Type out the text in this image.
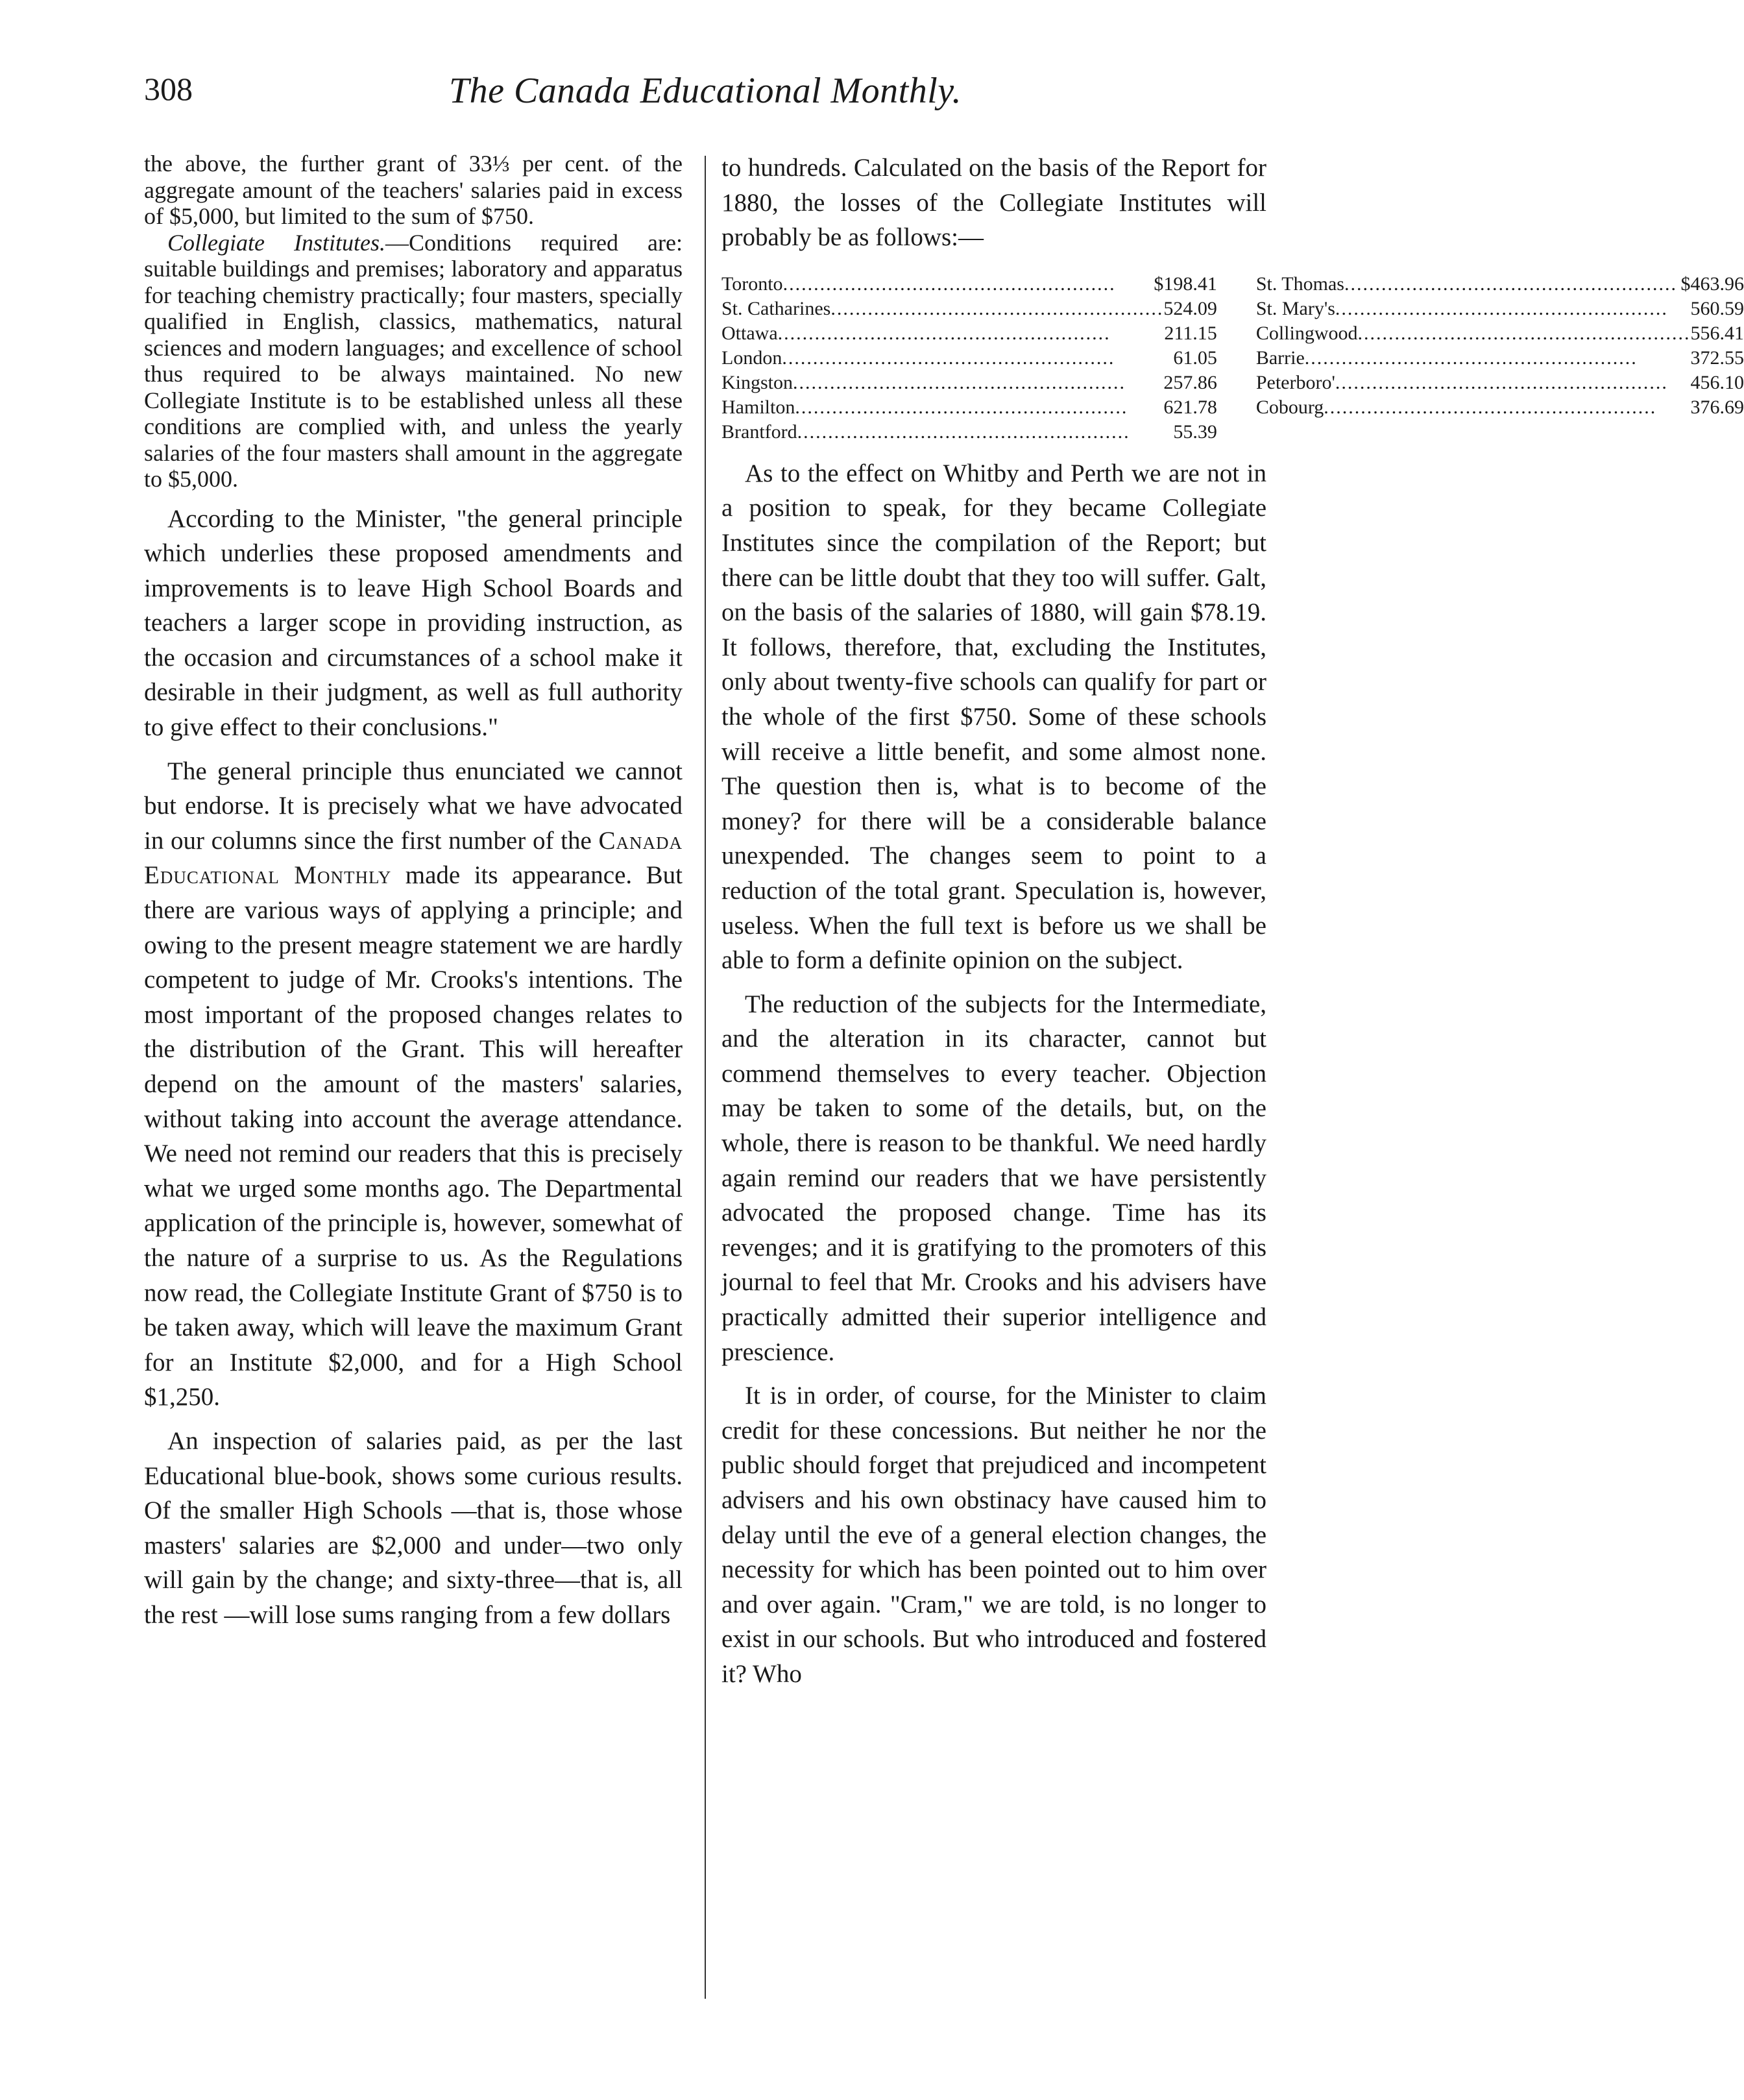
308	The Canada Educational Monthly.

the above, the further grant of 33⅓ per cent. of the aggregate amount of the teachers' salaries paid in excess of $5,000, but limited to the sum of $750.

Collegiate Institutes.—Conditions required are: suitable buildings and premises; laboratory and apparatus for teaching chemistry practically; four masters, specially qualified in English, classics, mathematics, natural sciences and modern languages; and excellence of school thus required to be always maintained. No new Collegiate Institute is to be established unless all these conditions are complied with, and unless the yearly salaries of the four masters shall amount in the aggregate to $5,000.

According to the Minister, "the general principle which underlies these proposed amendments and improvements is to leave High School Boards and teachers a larger scope in providing instruction, as the occasion and circumstances of a school make it desirable in their judgment, as well as full authority to give effect to their conclusions."

The general principle thus enunciated we cannot but endorse. It is precisely what we have advocated in our columns since the first number of the Canada Educational Monthly made its appearance. But there are various ways of applying a principle; and owing to the present meagre statement we are hardly competent to judge of Mr. Crooks's intentions. The most important of the proposed changes relates to the distribution of the Grant. This will hereafter depend on the amount of the masters' salaries, without taking into account the average attendance. We need not remind our readers that this is precisely what we urged some months ago. The Departmental application of the principle is, however, somewhat of the nature of a surprise to us. As the Regulations now read, the Collegiate Institute Grant of $750 is to be taken away, which will leave the maximum Grant for an Institute $2,000, and for a High School $1,250.

An inspection of salaries paid, as per the last Educational blue-book, shows some curious results. Of the smaller High Schools —that is, those whose masters' salaries are $2,000 and under—two only will gain by the change; and sixty-three—that is, all the rest —will lose sums ranging from a few dollars

to hundreds. Calculated on the basis of the Report for 1880, the losses of the Collegiate Institutes will probably be as follows:—

Toronto .....	$198.41 St. Thomas .....	$463.96
St. Catharines .....	524.09 St. Mary's .....	560.59
Ottawa .....	211.15 Collingwood .....	556.41
London .....	61.05 Barrie .....	372.55
Kingston .....	257.86 Peterboro' .....	456.10
Hamilton .....	621.78 Cobourg .....	376.69
Brantford .....	55.39

As to the effect on Whitby and Perth we are not in a position to speak, for they became Collegiate Institutes since the compilation of the Report; but there can be little doubt that they too will suffer. Galt, on the basis of the salaries of 1880, will gain $78.19. It follows, therefore, that, excluding the Institutes, only about twenty-five schools can qualify for part or the whole of the first $750. Some of these schools will receive a little benefit, and some almost none. The question then is, what is to become of the money? for there will be a considerable balance unexpended. The changes seem to point to a reduction of the total grant. Speculation is, however, useless. When the full text is before us we shall be able to form a definite opinion on the subject.

The reduction of the subjects for the Intermediate, and the alteration in its character, cannot but commend themselves to every teacher. Objection may be taken to some of the details, but, on the whole, there is reason to be thankful. We need hardly again remind our readers that we have persistently advocated the proposed change. Time has its revenges; and it is gratifying to the promoters of this journal to feel that Mr. Crooks and his advisers have practically admitted their superior intelligence and prescience.

It is in order, of course, for the Minister to claim credit for these concessions. But neither he nor the public should forget that prejudiced and incompetent advisers and his own obstinacy have caused him to delay until the eve of a general election changes, the necessity for which has been pointed out to him over and over again. "Cram," we are told, is no longer to exist in our schools. But who introduced and fostered it? Who
